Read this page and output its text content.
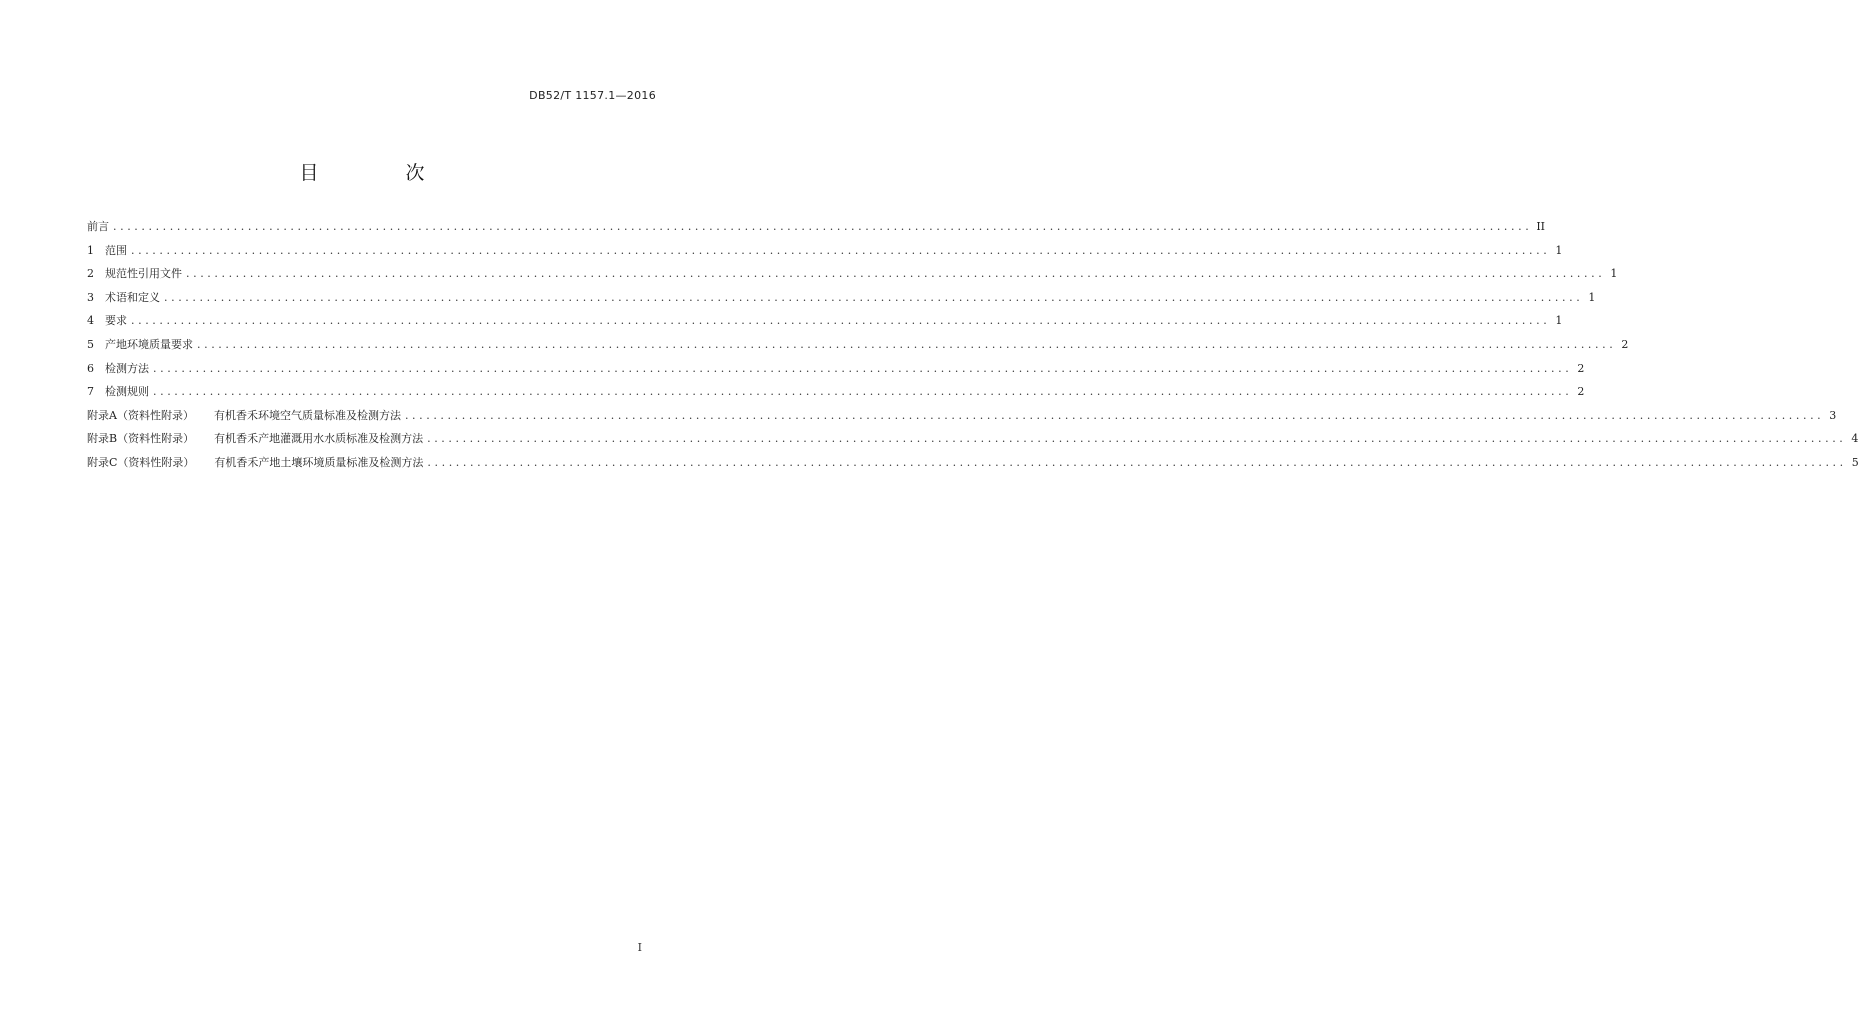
DB52/T 1157.1—2016
目　次
前言 ........................................................................................................................................................................................................ II
1 范围 ........................................................................................................................................................................................................ 1
2 规范性引用文件 ........................................................................................................................................................................................................ 1
3 术语和定义 ........................................................................................................................................................................................................ 1
4 要求 ........................................................................................................................................................................................................ 1
5 产地环境质量要求 ........................................................................................................................................................................................................ 2
6 检测方法 ........................................................................................................................................................................................................ 2
7 检测规则 ........................................................................................................................................................................................................ 2
附录A（资料性附录） 有机香禾环境空气质量标准及检测方法 ........................................................................................................................................................................................................ 3
附录B（资料性附录） 有机香禾产地灌溉用水水质标准及检测方法 ........................................................................................................................................................................................................ 4
附录C（资料性附录） 有机香禾产地土壤环境质量标准及检测方法 ........................................................................................................................................................................................................ 5
I
